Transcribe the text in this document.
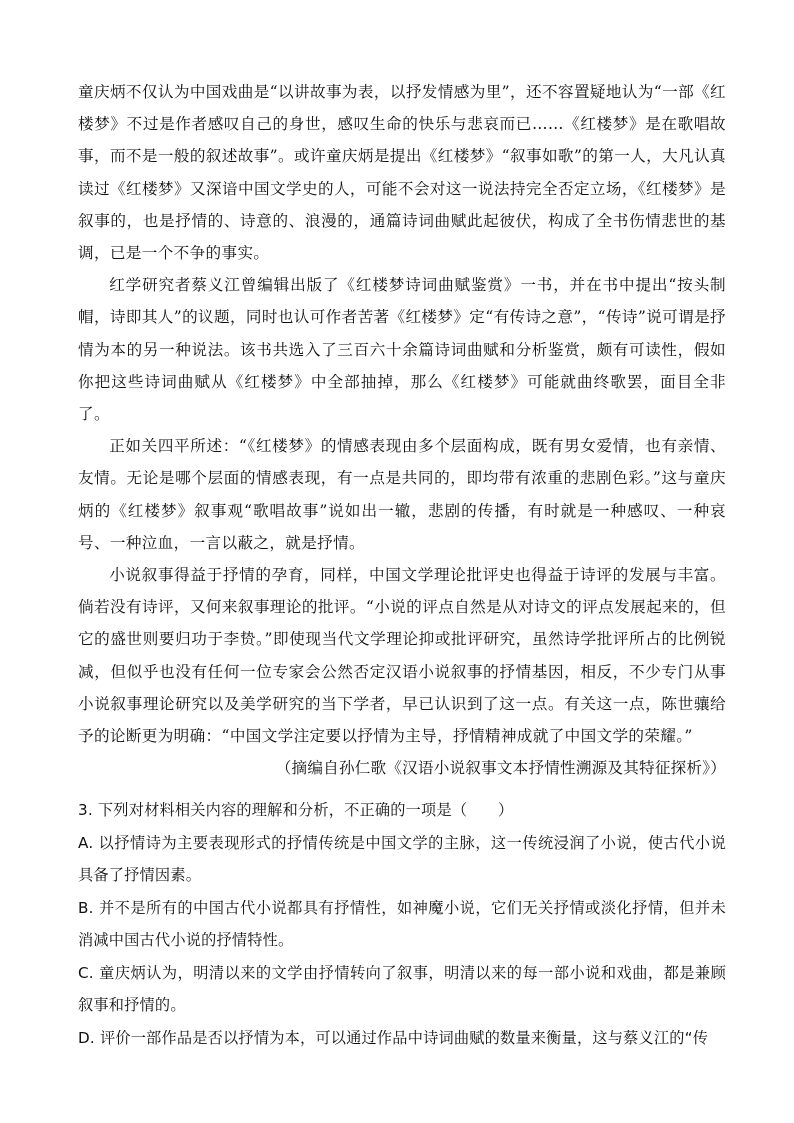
童庆炳不仅认为中国戏曲是“以讲故事为表，以抒发情感为里”，还不容置疑地认为“一部《红楼梦》不过是作者感叹自己的身世，感叹生命的快乐与悲哀而已……《红楼梦》是在歌唱故事，而不是一般的叙述故事”。或许童庆炳是提出《红楼梦》“叙事如歌”的第一人，大凡认真读过《红楼梦》又深谙中国文学史的人，可能不会对这一说法持完全否定立场，《红楼梦》是叙事的，也是抒情的、诗意的、浪漫的，通篇诗词曲赋此起彼伏，构成了全书伤情悲世的基调，已是一个不争的事实。

红学研究者蔡义江曾编辑出版了《红楼梦诗词曲赋鉴赏》一书，并在书中提出“按头制帽，诗即其人”的议题，同时也认可作者苦著《红楼梦》定“有传诗之意”，“传诗”说可谓是抒情为本的另一种说法。该书共选入了三百六十余篇诗词曲赋和分析鉴赏，颇有可读性，假如你把这些诗词曲赋从《红楼梦》中全部抽掉，那么《红楼梦》可能就曲终歌罢，面目全非了。

正如关四平所述：“《红楼梦》的情感表现由多个层面构成，既有男女爱情，也有亲情、友情。无论是哪个层面的情感表现，有一点是共同的，即均带有浓重的悲剧色彩。”这与童庆炳的《红楼梦》叙事观“歌唱故事”说如出一辙，悲剧的传播，有时就是一种感叹、一种哀号、一种泣血，一言以蔽之，就是抒情。

小说叙事得益于抒情的孕育，同样，中国文学理论批评史也得益于诗评的发展与丰富。倘若没有诗评，又何来叙事理论的批评。“小说的评点自然是从对诗文的评点发展起来的，但它的盛世则要归功于李贽。”即使现当代文学理论抑或批评研究，虽然诗学批评所占的比例锐减，但似乎也没有任何一位专家会公然否定汉语小说叙事的抒情基因，相反，不少专门从事小说叙事理论研究以及美学研究的当下学者，早已认识到了这一点。有关这一点，陈世骧给予的论断更为明确：“中国文学注定要以抒情为主导，抒情精神成就了中国文学的荣耀。”

（摘编自孙仁歌《汉语小说叙事文本抒情性溯源及其特征探析》）

3. 下列对材料相关内容的理解和分析，不正确的一项是（　　）

A. 以抒情诗为主要表现形式的抒情传统是中国文学的主脉，这一传统浸润了小说，使古代小说具备了抒情因素。

B. 并不是所有的中国古代小说都具有抒情性，如神魔小说，它们无关抒情或淡化抒情，但并未消减中国古代小说的抒情特性。

C. 童庆炳认为，明清以来的文学由抒情转向了叙事，明清以来的每一部小说和戏曲，都是兼顾叙事和抒情的。

D. 评价一部作品是否以抒情为本，可以通过作品中诗词曲赋的数量来衡量，这与蔡义江的“传
